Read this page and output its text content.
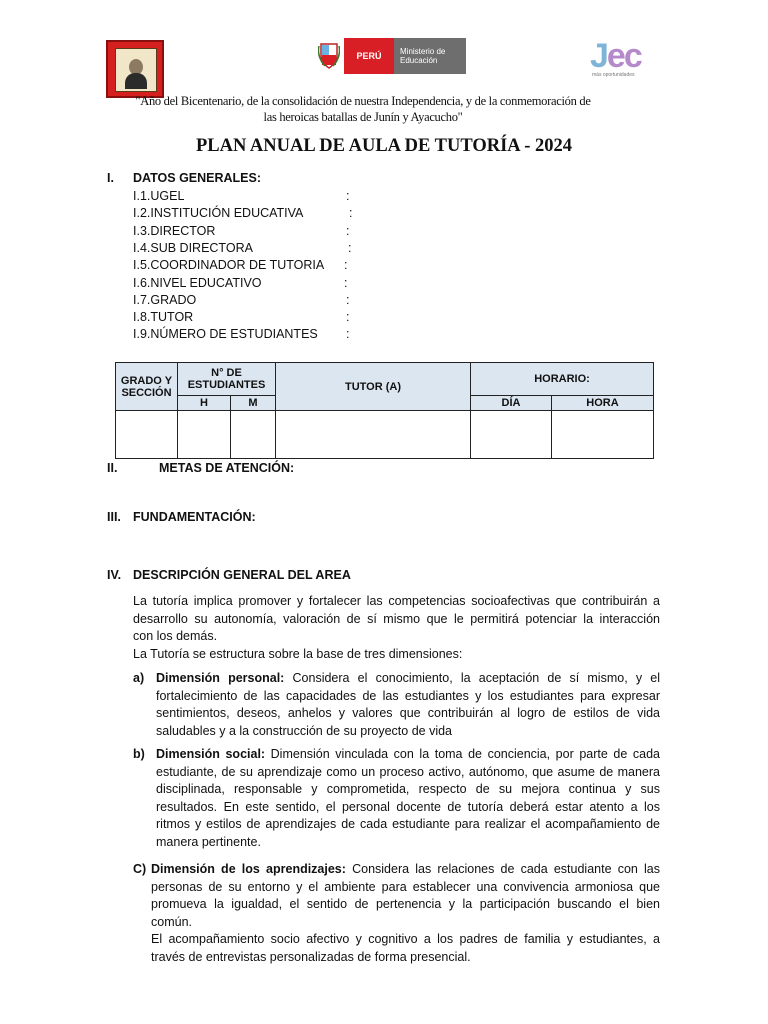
PERÚ	Ministerio de Educación	Jec
más oportunidades
"Año del Bicentenario, de la consolidación de nuestra Independencia, y de la conmemoración de las heroicas batallas de Junín y Ayacucho"
PLAN ANUAL DE AULA DE TUTORÍA - 2024
I. DATOS GENERALES:
I.1.UGEL	:
I.2.INSTITUCIÓN EDUCATIVA	:
I.3.DIRECTOR	:
I.4.SUB DIRECTORA	:
I.5.COORDINADOR DE TUTORIA :
I.6.NIVEL EDUCATIVO	:
I.7.GRADO	:
I.8.TUTOR	:
I.9.NÚMERO DE ESTUDIANTES :
GRADO Y SECCIÓN	N° DE ESTUDIANTES		TUTOR (A)	HORARIO:	
	H	M		DÍA	HORA

II.	METAS DE ATENCIÓN:
III. FUNDAMENTACIÓN:
IV. DESCRIPCIÓN GENERAL DEL AREA
La tutoría implica promover y fortalecer las competencias socioafectivas que contribuirán a
desarrollo su autonomía, valoración de sí mismo que le permitirá potenciar la interacción
con los demás.
La Tutoría se estructura sobre la base de tres dimensiones:
a) Dimensión personal: Considera el conocimiento, la aceptación de sí mismo, y el
fortalecimiento de las capacidades de las estudiantes y los estudiantes para expresar
sentimientos, deseos, anhelos y valores que contribuirán al logro de estilos de vida
saludables y a la construcción de su proyecto de vida
b) Dimensión social: Dimensión vinculada con la toma de conciencia, por parte de cada
estudiante, de su aprendizaje como un proceso activo, autónomo, que asume de manera
disciplinada, responsable y comprometida, respecto de su mejora continua y sus
resultados. En este sentido, el personal docente de tutoría deberá estar atento a los
ritmos y estilos de aprendizajes de cada estudiante para realizar el acompañamiento de
manera pertinente.
C) Dimensión de los aprendizajes: Considera las relaciones de cada estudiante con las
personas de su entorno y el ambiente para establecer una convivencia armoniosa que
promueva la igualdad, el sentido de pertenencia y la participación buscando el bien
común.
El acompañamiento socio afectivo y cognitivo a los padres de familia y estudiantes, a
través de entrevistas personalizadas de forma presencial.
